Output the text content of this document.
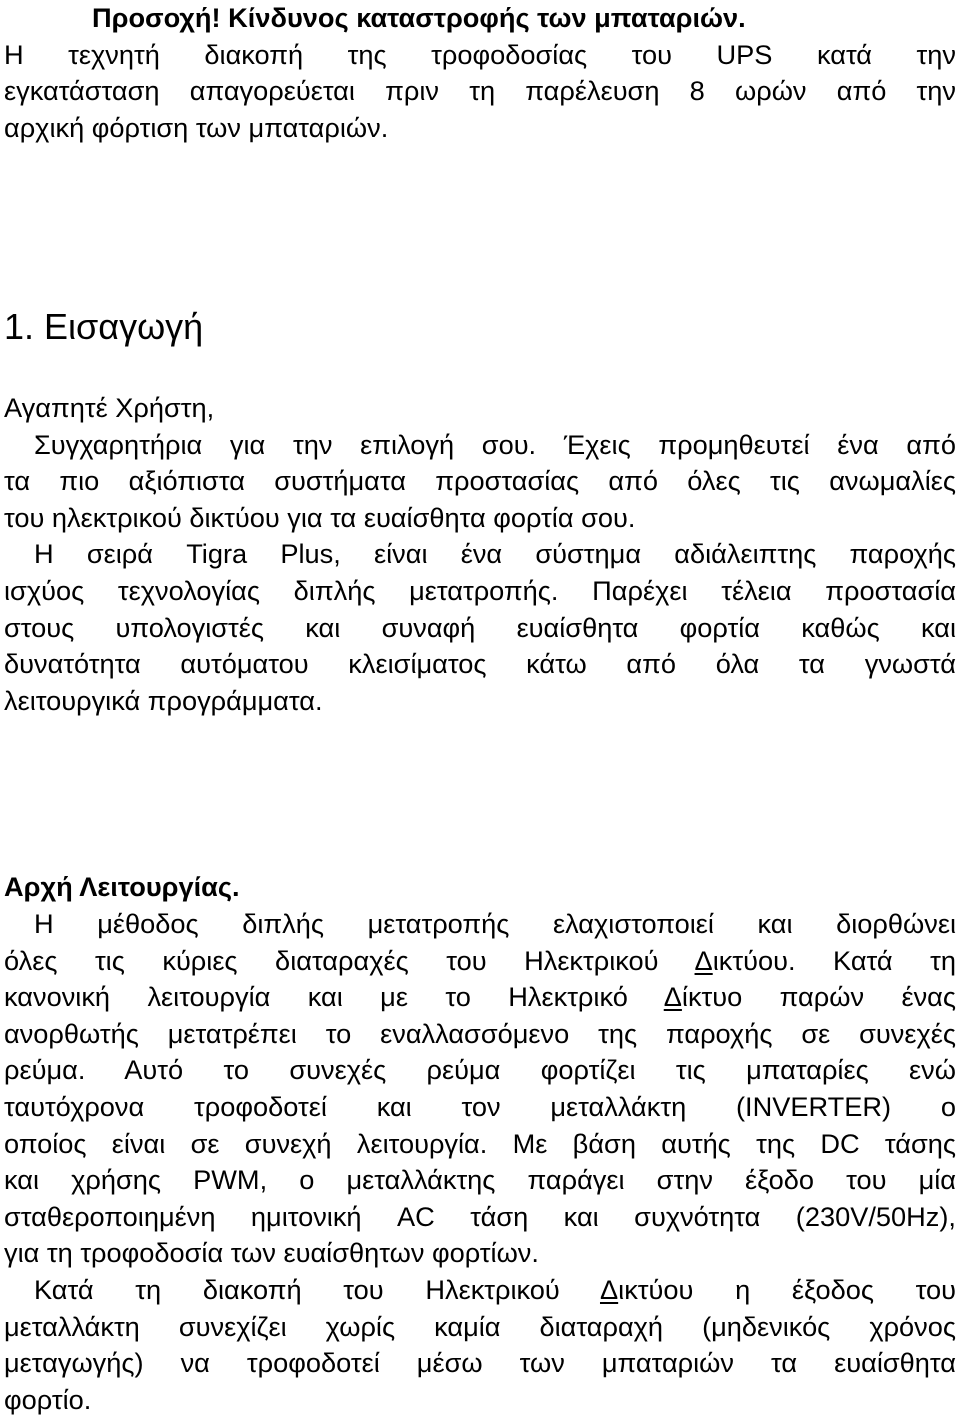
Προσοχή! Κίνδυνος καταστροφής των μπαταριών.
Η τεχνητή διακοπή της τροφοδοσίας του UPS κατά την
εγκατάσταση απαγορεύεται πριν τη παρέλευση 8 ωρών από την
αρχική φόρτιση των μπαταριών.
1. Εισαγωγή
Αγαπητέ Χρήστη,
Συγχαρητήρια για την επιλογή σου. Έχεις προμηθευτεί ένα από
τα πιο αξιόπιστα συστήματα προστασίας από όλες τις ανωμαλίες
του ηλεκτρικού δικτύου για τα ευαίσθητα φορτία σου.
Η σειρά Tigra Plus, είναι ένα σύστημα αδιάλειπτης παροχής
ισχύος τεχνολογίας διπλής μετατροπής. Παρέχει τέλεια προστασία
στους υπολογιστές και συναφή ευαίσθητα φορτία καθώς και
δυνατότητα αυτόματου κλεισίματος κάτω από όλα τα γνωστά
λειτουργικά προγράμματα.
Αρχή Λειτουργίας.
Η μέθοδος διπλής μετατροπής ελαχιστοποιεί και διορθώνει
όλες τις κύριες διαταραχές του Ηλεκτρικού Δικτύου. Κατά τη
κανονική λειτουργία και με το Ηλεκτρικό Δίκτυο παρών ένας
ανορθωτής μετατρέπει το εναλλασσόμενο της παροχής σε συνεχές
ρεύμα. Αυτό το συνεχές ρεύμα φορτίζει τις μπαταρίες ενώ
ταυτόχρονα τροφοδοτεί και τον μεταλλάκτη (INVERTER) ο
οποίος είναι σε συνεχή λειτουργία. Με βάση αυτής της DC τάσης
και χρήσης PWM, ο μεταλλάκτης παράγει στην έξοδο του μία
σταθεροποιημένη ημιτονική AC τάση και συχνότητα (230V/50Hz),
για τη τροφοδοσία των ευαίσθητων φορτίων.
Κατά τη διακοπή του Ηλεκτρικού Δικτύου η έξοδος του
μεταλλάκτη συνεχίζει χωρίς καμία διαταραχή (μηδενικός χρόνος
μεταγωγής) να τροφοδοτεί μέσω των μπαταριών τα ευαίσθητα
φορτίο.
